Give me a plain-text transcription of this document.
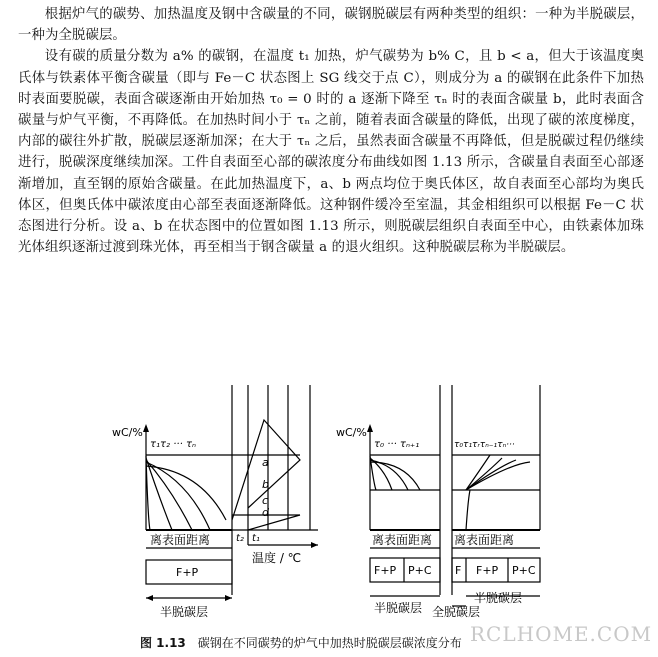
根据炉气的碳势、加热温度及钢中含碳量的不同，碳钢脱碳层有两种类型的组织：一种为半脱碳层，一种为全脱碳层。

设有碳的质量分数为 a% 的碳钢，在温度 t₁ 加热，炉气碳势为 b% C，且 b < a，但大于该温度奥氏体与铁素体平衡含碳量（即与 Fe－C 状态图上 SG 线交于点 C），则成分为 a 的碳钢在此条件下加热时表面要脱碳，表面含碳逐渐由开始加热 τ₀ = 0 时的 a 逐渐下降至 τₙ 时的表面含碳量 b，此时表面含碳量与炉气平衡，不再降低。在加热时间小于 τₙ 之前，随着表面含碳量的降低，出现了碳的浓度梯度，内部的碳往外扩散，脱碳层逐渐加深；在大于 τₙ 之后，虽然表面含碳量不再降低，但是脱碳过程仍继续进行，脱碳深度继续加深。工件自表面至心部的碳浓度分布曲线如图 1.13 所示，含碳量自表面至心部逐渐增加，直至钢的原始含碳量。在此加热温度下，a、b 两点均位于奥氏体区，故自表面至心部均为奥氏体区，但奥氏体中碳浓度由心部至表面逐渐降低。这种钢件缓冷至室温，其金相组织可以根据 Fe－C 状态图进行分析。设 a、b 在状态图中的位置如图 1.13 所示，则脱碳层组织自表面至中心，由铁素体加珠光体组织逐渐过渡到珠光体，再至相当于钢含碳量 a 的退火组织。这种脱碳层称为半脱碳层。

wC/%
τ₁τ₂ ··· τₙ
离表面距离
F+P
半脱碳层
a
b
c
d
t₁
t₂
温度 / ℃
wC/%
τ₀ ··· τₙ₊₁
离表面距离
F+P P+C
半脱碳层
τ₀τ₁τᵣτₙ₋₁τₙ···
离表面距离
F F+P P+C
半脱碳层
全脱碳层
RCLHOME.COM
图 1.13 碳钢在不同碳势的炉气中加热时脱碳层碳浓度分布
